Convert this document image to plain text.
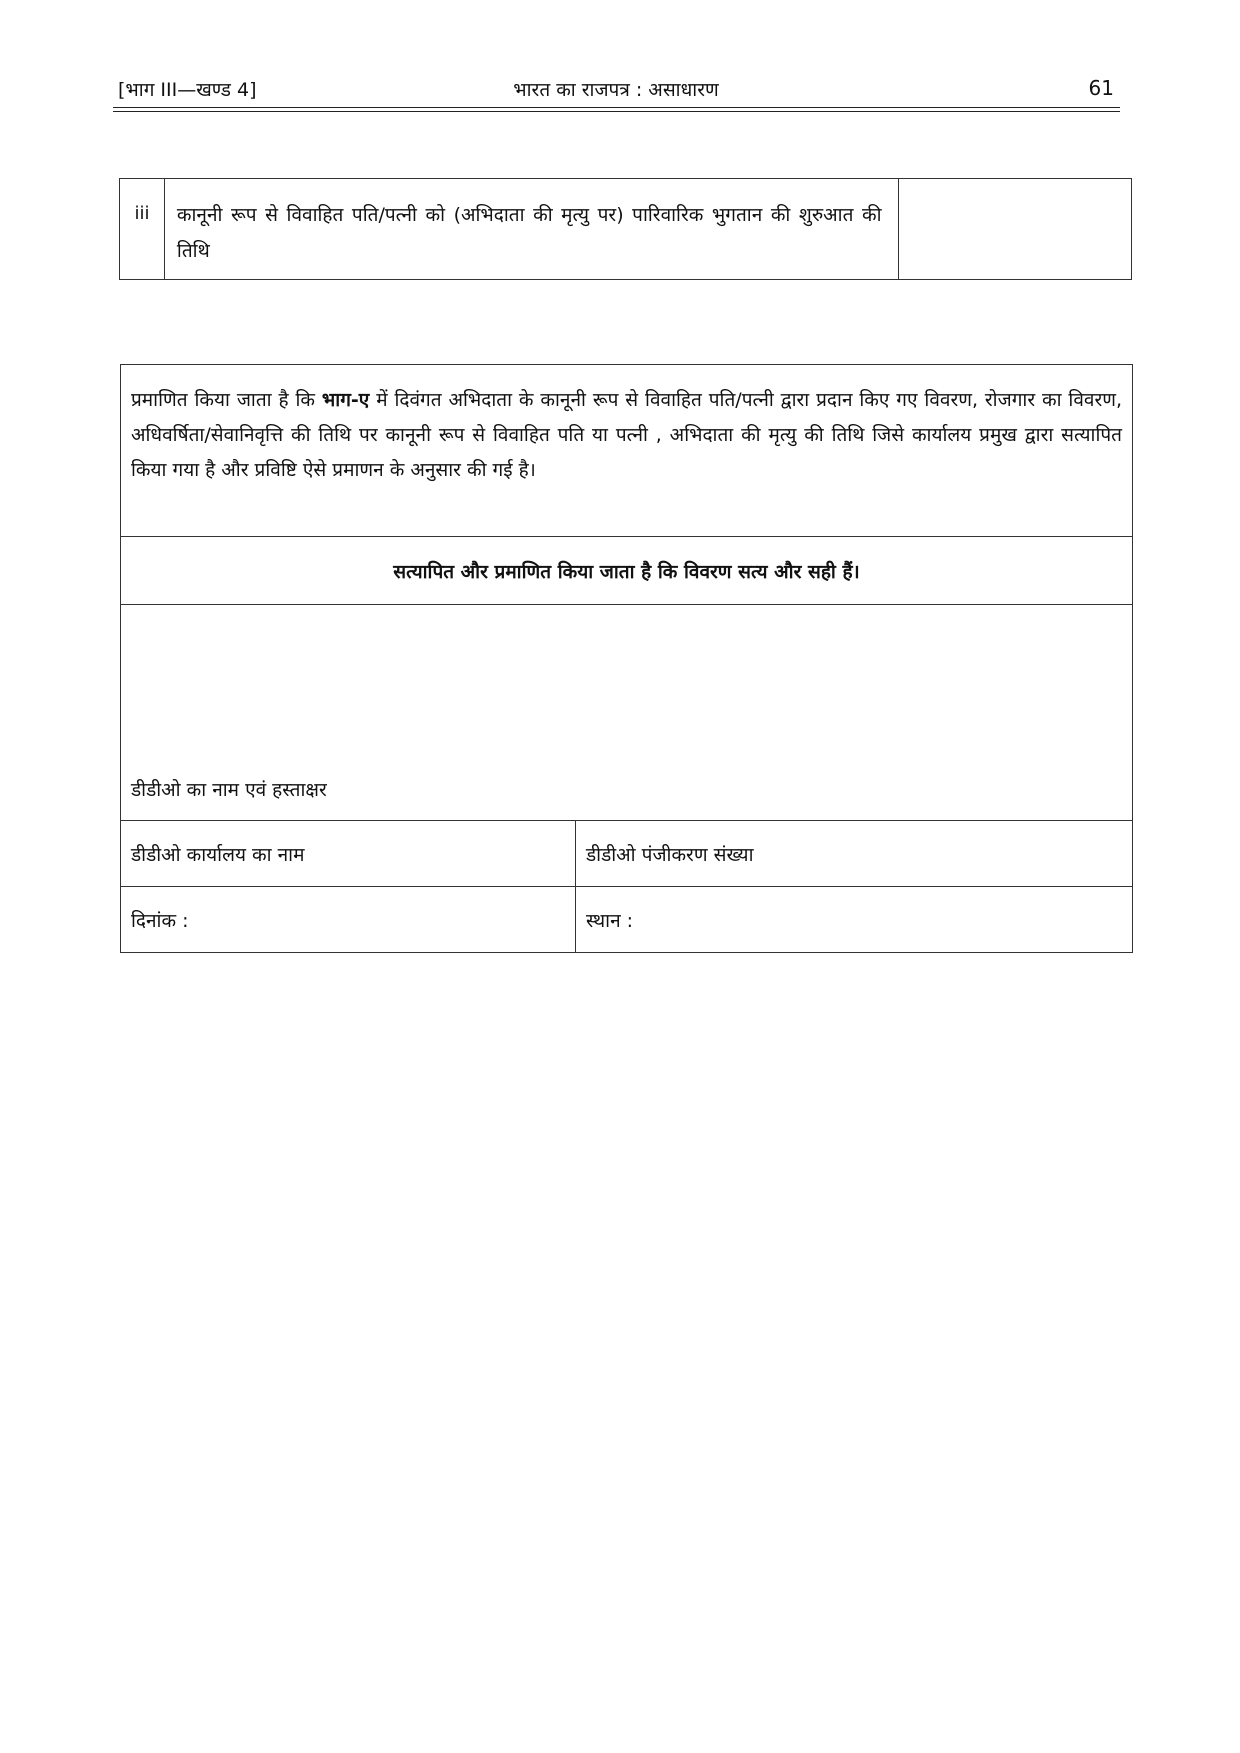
[भाग III—खण्ड 4]	भारत का राजपत्र : असाधारण	61
iii	कानूनी रूप से विवाहित पति/पत्नी को (अभिदाता की मृत्यु पर) पारिवारिक भुगतान की शुरुआत की तिथि	
प्रमाणित किया जाता है कि भाग-ए में दिवंगत अभिदाता के कानूनी रूप से विवाहित पति/पत्नी द्वारा प्रदान किए गए विवरण, रोजगार का विवरण, अधिवर्षिता/सेवानिवृत्ति की तिथि पर कानूनी रूप से विवाहित पति या पत्नी , अभिदाता की मृत्यु की तिथि जिसे कार्यालय प्रमुख द्वारा सत्यापित किया गया है और प्रविष्टि ऐसे प्रमाणन के अनुसार की गई है।	
सत्यापित और प्रमाणित किया जाता है कि विवरण सत्य और सही हैं।	
डीडीओ का नाम एवं हस्ताक्षर	
डीडीओ कार्यालय का नाम	डीडीओ पंजीकरण संख्या
दिनांक :	स्थान :
